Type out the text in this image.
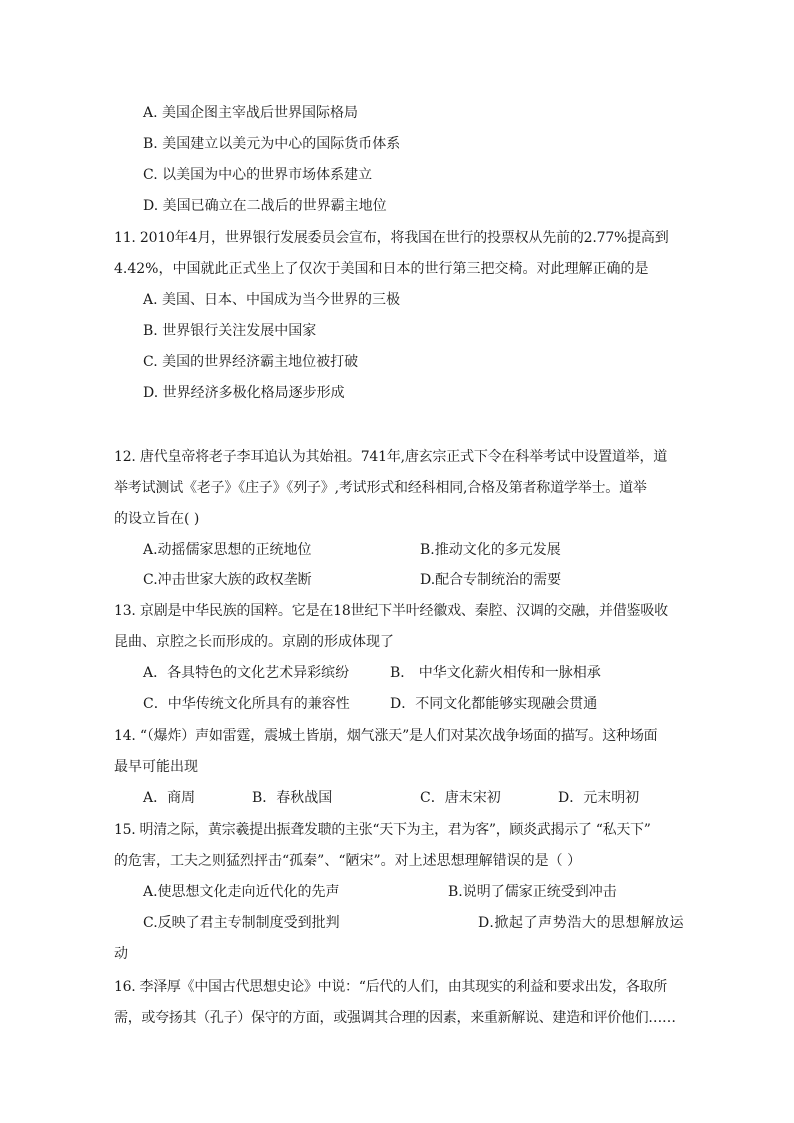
A. 美国企图主宰战后世界国际格局
B. 美国建立以美元为中心的国际货币体系
C. 以美国为中心的世界市场体系建立
D. 美国已确立在二战后的世界霸主地位
11. 2010年4月，世界银行发展委员会宣布，将我国在世行的投票权从先前的2.77%提高到
4.42%，中国就此正式坐上了仅次于美国和日本的世行第三把交椅。对此理解正确的是
A. 美国、日本、中国成为当今世界的三极
B. 世界银行关注发展中国家
C. 美国的世界经济霸主地位被打破
D. 世界经济多极化格局逐步形成
12. 唐代皇帝将老子李耳追认为其始祖。741年,唐玄宗正式下令在科举考试中设置道举，道
举考试测试《老子》《庄子》《列子》,考试形式和经科相同,合格及第者称道学举士。道举
的设立旨在( )
A.动摇儒家思想的正统地位	B.推动文化的多元发展
C.冲击世家大族的政权垄断	D.配合专制统治的需要
13. 京剧是中华民族的国粹。它是在18世纪下半叶经徽戏、秦腔、汉调的交融，并借鉴吸收
昆曲、京腔之长而形成的。京剧的形成体现了
A．各具特色的文化艺术异彩缤纷	B． 中华文化薪火相传和一脉相承
C．中华传统文化所具有的兼容性	D．不同文化都能够实现融会贯通
14. “（爆炸）声如雷霆，震城土皆崩，烟气涨天”是人们对某次战争场面的描写。这种场面
最早可能出现
A．商周	B．春秋战国	C．唐末宋初	D．元末明初
15. 明清之际，黄宗羲提出振聋发聩的主张“天下为主，君为客”，顾炎武揭示了 “私天下”
的危害，工夫之则猛烈抨击“孤秦”、“陋宋”。对上述思想理解错误的是（ ）
A.使思想文化走向近代化的先声	B.说明了儒家正统受到冲击
C.反映了君主专制制度受到批判	D.掀起了声势浩大的思想解放运
动
16. 李泽厚《中国古代思想史论》中说：“后代的人们，由其现实的利益和要求出发，各取所
需，或夸扬其（孔子）保守的方面，或强调其合理的因素，来重新解说、建造和评价他们……
